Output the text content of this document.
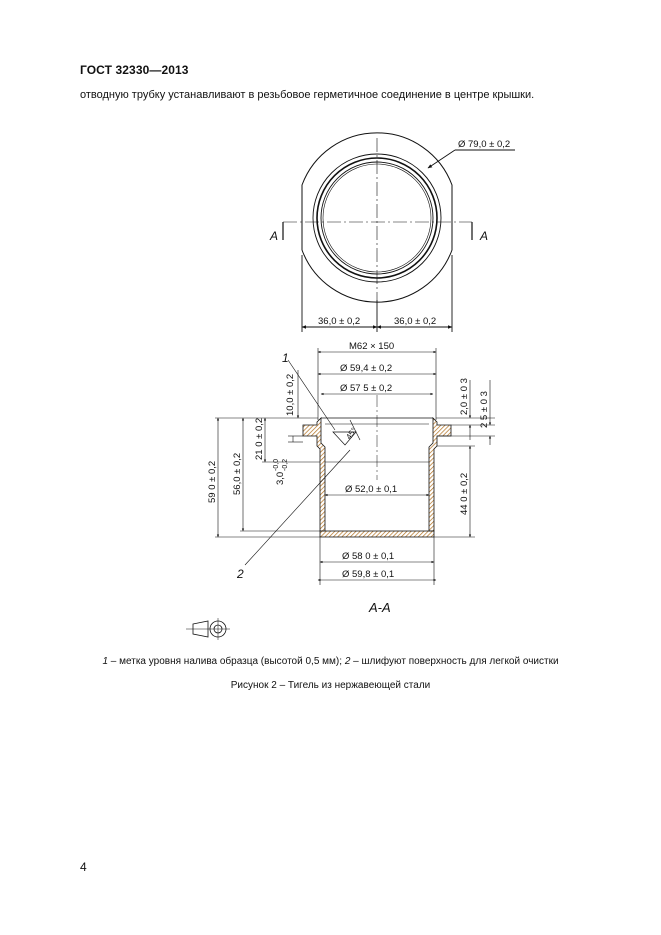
ГОСТ 32330—2013
отводную трубку устанавливают в резьбовое герметичное соединение в центре крышки.
A	A
Ø 79,0 ± 0,2
36,0 ± 0,2	36,0 ± 0,2
M62 × 150
Ø 59,4 ± 0,2
Ø 57 5 ± 0,2
Ø 52,0 ± 0,1
Ø 58 0 ± 0,1
Ø 59,8 ± 0,1
10,0 ± 0,2
21 0 ± 0,2
3,0
-0,0 -0,2
56,0 ± 0,2
59 0 ± 0,2
2,0 ± 0 3 2 5 ± 0 3
44 0 ± 0,2
45°
1
2
A-A
1 – метка уровня налива образца (высотой 0,5 мм); 2 – шлифуют поверхность для легкой очистки
Рисунок 2 – Тигель из нержавеющей стали
4
